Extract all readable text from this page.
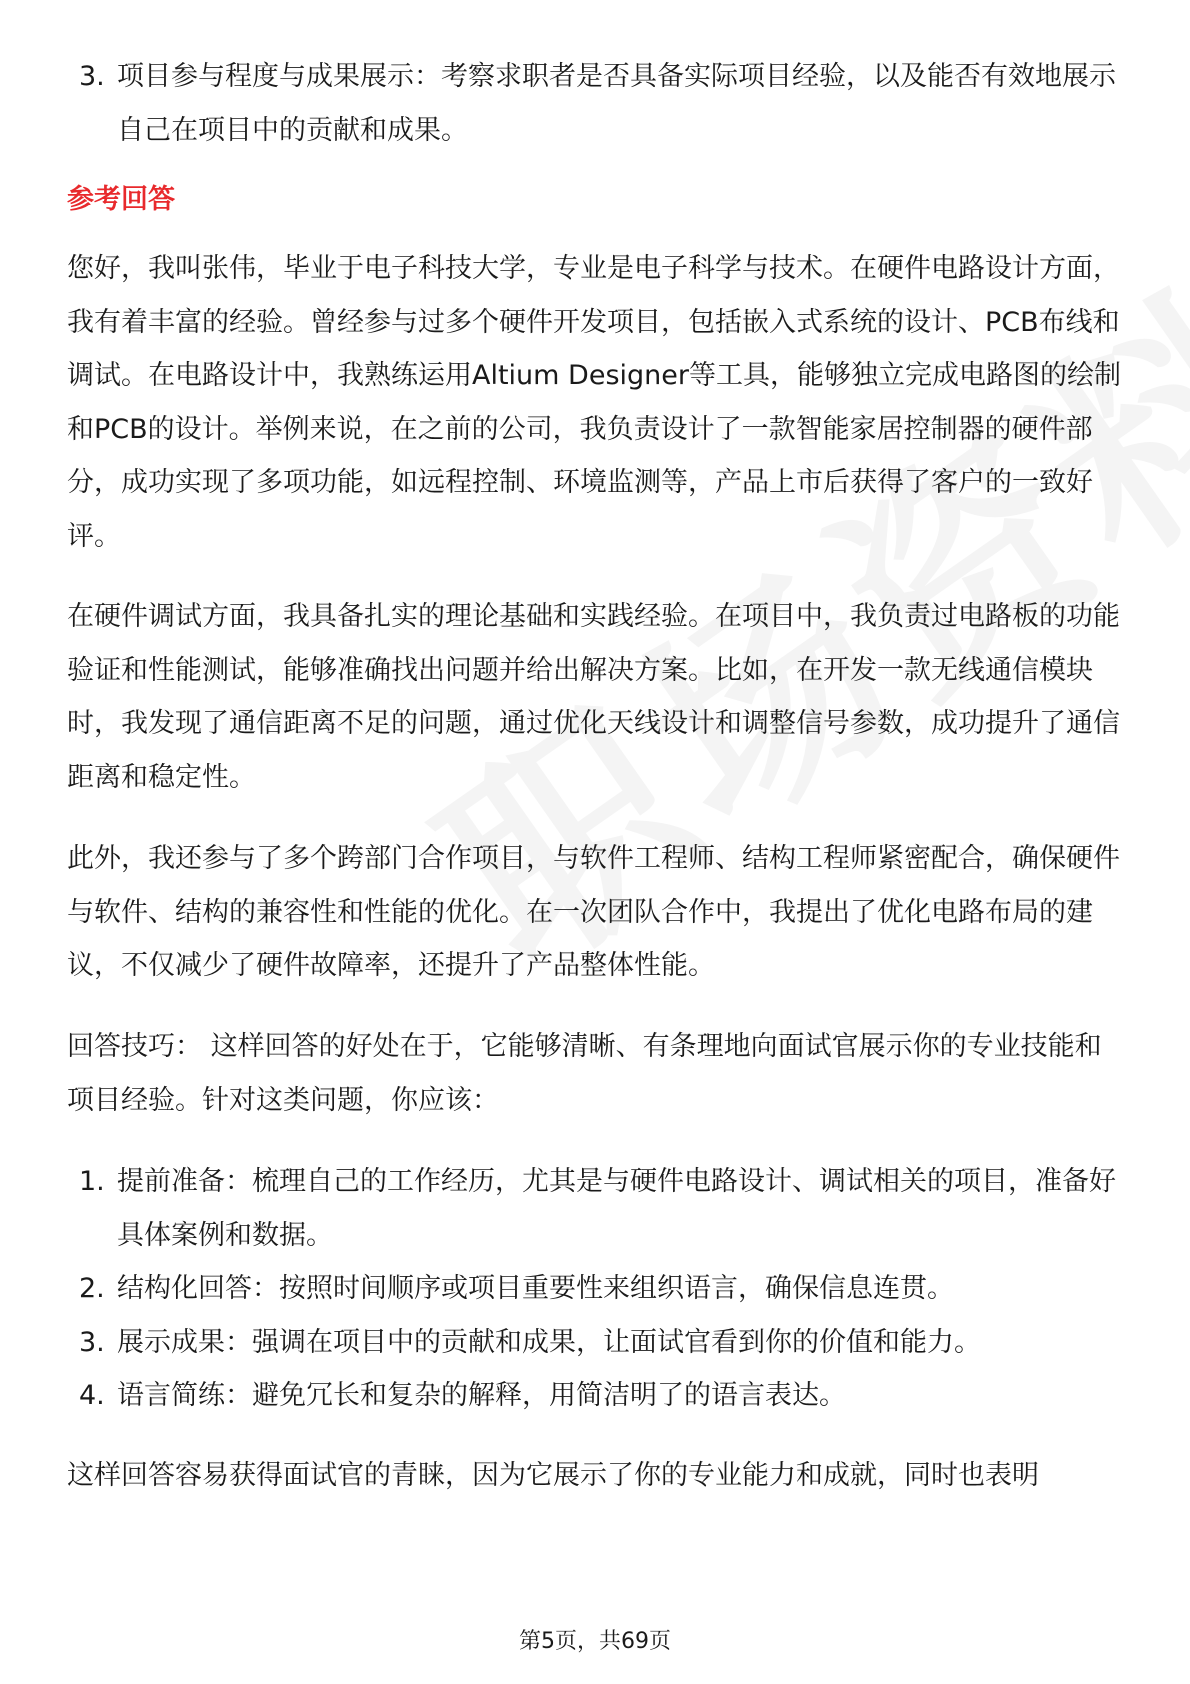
3. 项目参与程度与成果展示：考察求职者是否具备实际项目经验，以及能否有效地展示自己在项目中的贡献和成果。
参考回答

您好，我叫张伟，毕业于电子科技大学，专业是电子科学与技术。在硬件电路设计方面，我有着丰富的经验。曾经参与过多个硬件开发项目，包括嵌入式系统的设计、PCB布线和调试。在电路设计中，我熟练运用Altium Designer等工具，能够独立完成电路图的绘制和PCB的设计。举例来说，在之前的公司，我负责设计了一款智能家居控制器的硬件部分，成功实现了多项功能，如远程控制、环境监测等，产品上市后获得了客户的一致好评。

在硬件调试方面，我具备扎实的理论基础和实践经验。在项目中，我负责过电路板的功能验证和性能测试，能够准确找出问题并给出解决方案。比如，在开发一款无线通信模块时，我发现了通信距离不足的问题，通过优化天线设计和调整信号参数，成功提升了通信距离和稳定性。

此外，我还参与了多个跨部门合作项目，与软件工程师、结构工程师紧密配合，确保硬件与软件、结构的兼容性和性能的优化。在一次团队合作中，我提出了优化电路布局的建议，不仅减少了硬件故障率，还提升了产品整体性能。

回答技巧： 这样回答的好处在于，它能够清晰、有条理地向面试官展示你的专业技能和项目经验。针对这类问题，你应该：

1. 提前准备：梳理自己的工作经历，尤其是与硬件电路设计、调试相关的项目，准备好具体案例和数据。
2. 结构化回答：按照时间顺序或项目重要性来组织语言，确保信息连贯。
3. 展示成果：强调在项目中的贡献和成果，让面试官看到你的价值和能力。
4. 语言简练：避免冗长和复杂的解释，用简洁明了的语言表达。

这样回答容易获得面试官的青睐，因为它展示了你的专业能力和成就，同时也表明

第5页，共69页
